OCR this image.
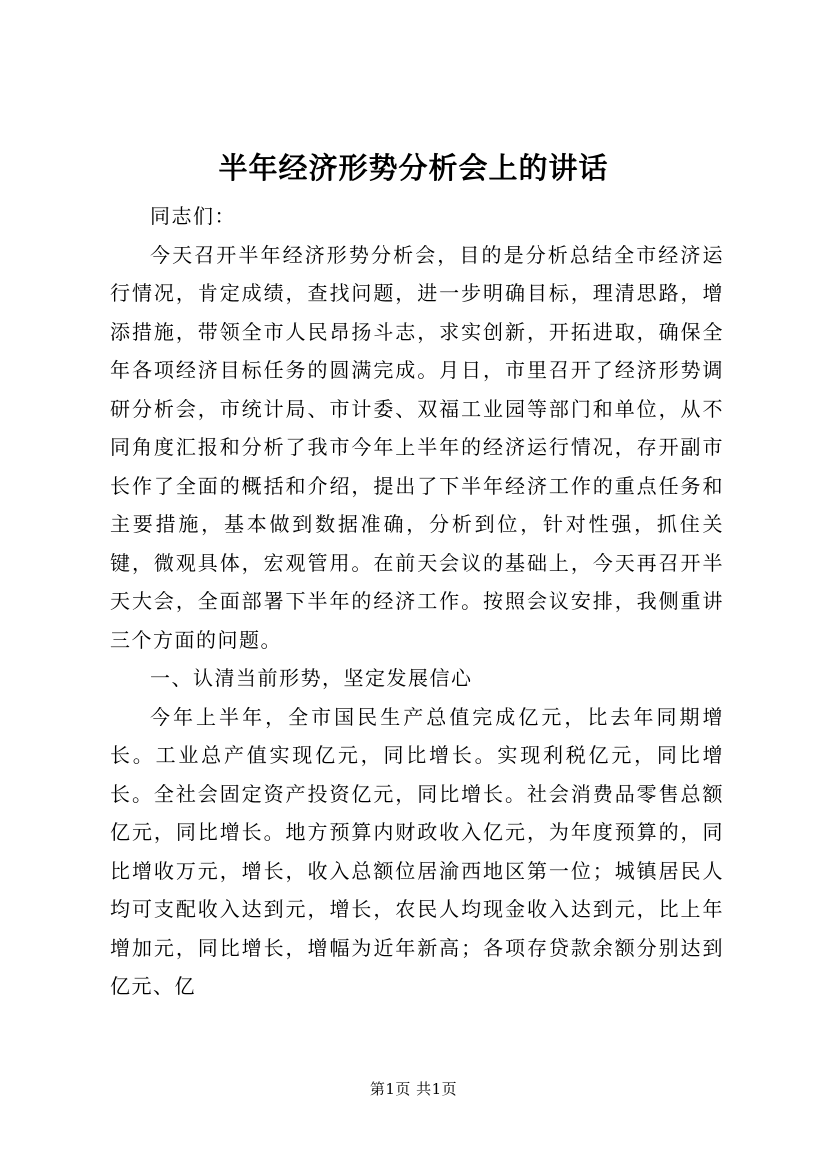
半年经济形势分析会上的讲话

同志们：

今天召开半年经济形势分析会，目的是分析总结全市经济运行情况，肯定成绩，查找问题，进一步明确目标，理清思路，增添措施，带领全市人民昂扬斗志，求实创新，开拓进取，确保全年各项经济目标任务的圆满完成。月日，市里召开了经济形势调研分析会，市统计局、市计委、双福工业园等部门和单位，从不同角度汇报和分析了我市今年上半年的经济运行情况，存开副市长作了全面的概括和介绍，提出了下半年经济工作的重点任务和主要措施，基本做到数据准确，分析到位，针对性强，抓住关键，微观具体，宏观管用。在前天会议的基础上，今天再召开半天大会，全面部署下半年的经济工作。按照会议安排，我侧重讲三个方面的问题。

一、认清当前形势，坚定发展信心

今年上半年，全市国民生产总值完成亿元，比去年同期增长。工业总产值实现亿元，同比增长。实现利税亿元，同比增长。全社会固定资产投资亿元，同比增长。社会消费品零售总额亿元，同比增长。地方预算内财政收入亿元，为年度预算的，同比增收万元，增长，收入总额位居渝西地区第一位；城镇居民人均可支配收入达到元，增长，农民人均现金收入达到元，比上年增加元，同比增长，增幅为近年新高；各项存贷款余额分别达到亿元、亿

第1页 共1页
